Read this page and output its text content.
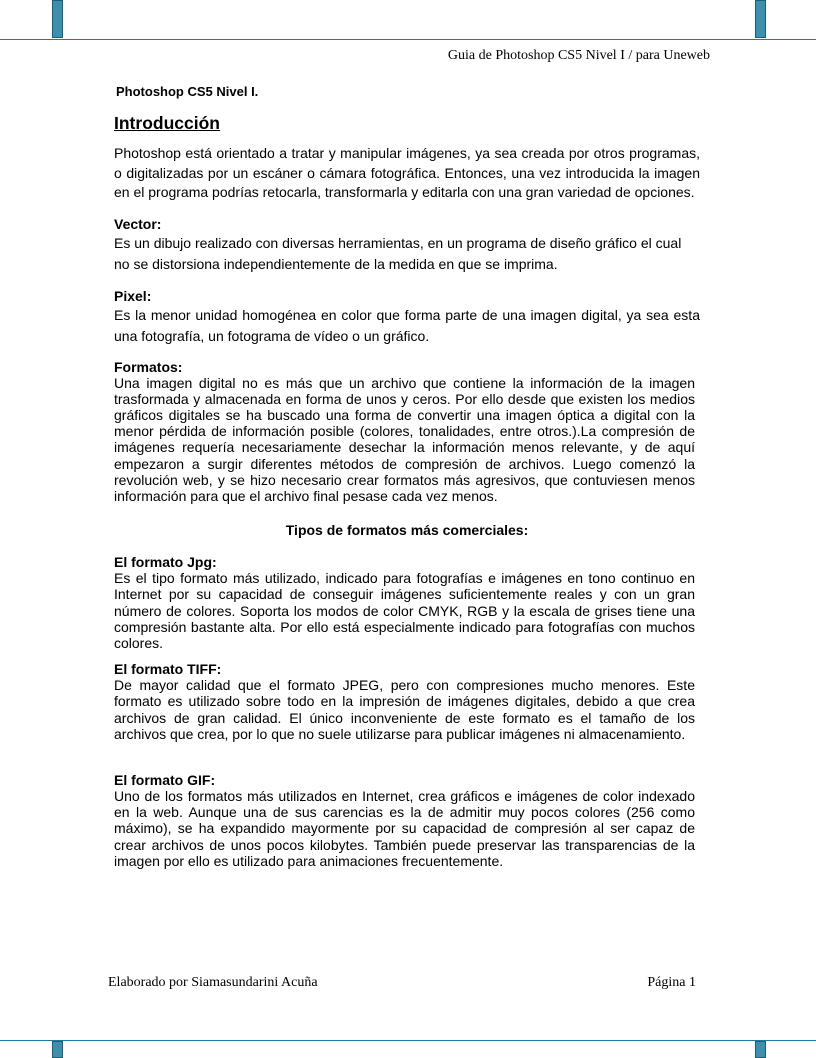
Guia de Photoshop CS5 Nivel I / para Uneweb
Photoshop CS5 Nivel I.
Introducción

Photoshop está orientado a tratar y manipular imágenes, ya sea creada por otros programas, o digitalizadas por un escáner o cámara fotográfica. Entonces, una vez introducida la imagen en el programa podrías retocarla, transformarla y editarla con una gran variedad de opciones.

Vector:

Es un dibujo realizado con diversas herramientas, en un programa de diseño gráfico el cual no se distorsiona independientemente de la medida en que se imprima.

Pixel:

Es la menor unidad homogénea en color que forma parte de una imagen digital, ya sea esta una fotografía, un fotograma de vídeo o un gráfico.

Formatos:

Una imagen digital no es más que un archivo que contiene la información de la imagen trasformada y almacenada en forma de unos y ceros. Por ello desde que existen los medios gráficos digitales se ha buscado una forma de convertir una imagen óptica a digital con la menor pérdida de información posible (colores, tonalidades, entre otros.).La compresión de imágenes requería necesariamente desechar la información menos relevante, y de aquí empezaron a surgir diferentes métodos de compresión de archivos. Luego comenzó la revolución web, y se hizo necesario crear formatos más agresivos, que contuviesen menos información para que el archivo final pesase cada vez menos.

Tipos de formatos más comerciales:
El formato Jpg:

Es el tipo formato más utilizado, indicado para fotografías e imágenes en tono continuo en Internet por su capacidad de conseguir imágenes suficientemente reales y con un gran número de colores. Soporta los modos de color CMYK, RGB y la escala de grises tiene una compresión bastante alta. Por ello está especialmente indicado para fotografías con muchos colores.

El formato TIFF:

De mayor calidad que el formato JPEG, pero con compresiones mucho menores. Este formato es utilizado sobre todo en la impresión de imágenes digitales, debido a que crea archivos de gran calidad. El único inconveniente de este formato es el tamaño de los archivos que crea, por lo que no suele utilizarse para publicar imágenes ni almacenamiento.

El formato GIF:

Uno de los formatos más utilizados en Internet, crea gráficos e imágenes de color indexado en la web. Aunque una de sus carencias es la de admitir muy pocos colores (256 como máximo), se ha expandido mayormente por su capacidad de compresión al ser capaz de crear archivos de unos pocos kilobytes. También puede preservar las transparencias de la imagen por ello es utilizado para animaciones frecuentemente.

Elaborado por Siamasundarini Acuña	Página 1
